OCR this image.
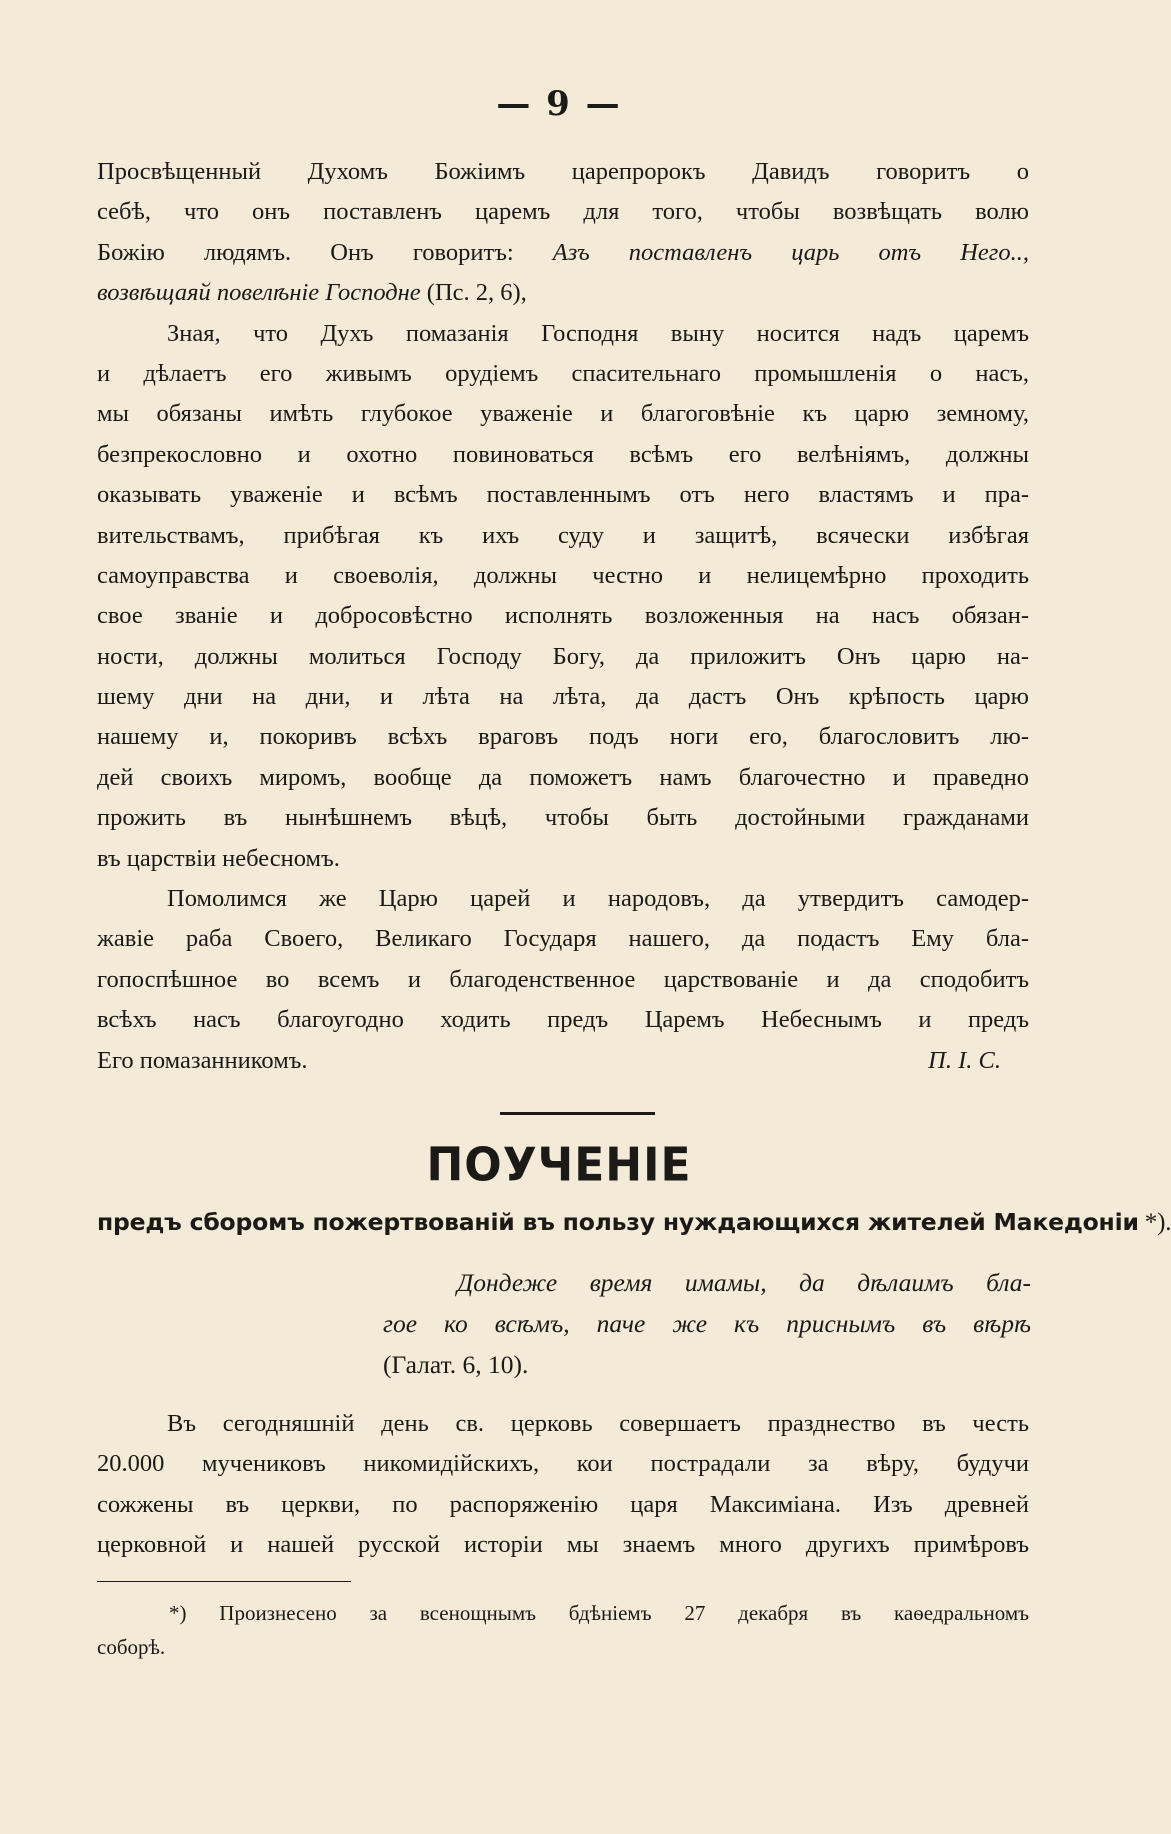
— 9 —
Просвѣщенный Духомъ Божіимъ царепророкъ Давидъ говоритъ о
себѣ, что онъ поставленъ царемъ для того, чтобы возвѣщать волю
Божію людямъ. Онъ говоритъ: Азъ поставленъ царь отъ Него..,
возвѣщаяй повелѣніе Господне (Пс. 2, 6),
Зная, что Духъ помазанія Господня выну носится надъ царемъ
и дѣлаетъ его живымъ орудіемъ спасительнаго промышленія о насъ,
мы обязаны имѣть глубокое уваженіе и благоговѣніе къ царю земному,
безпрекословно и охотно повиноваться всѣмъ его велѣніямъ, должны
оказывать уваженіе и всѣмъ поставленнымъ отъ него властямъ и пра-
вительствамъ, прибѣгая къ ихъ суду и защитѣ, всячески избѣгая
самоуправства и своеволія, должны честно и нелицемѣрно проходить
свое званіе и добросовѣстно исполнять возложенныя на насъ обязан-
ности, должны молиться Господу Богу, да приложитъ Онъ царю на-
шему дни на дни, и лѣта на лѣта, да дастъ Онъ крѣпость царю
нашему и, покоривъ всѣхъ враговъ подъ ноги его, благословитъ лю-
дей своихъ миромъ, вообще да поможетъ намъ благочестно и праведно
прожить въ нынѣшнемъ вѣцѣ, чтобы быть достойными гражданами
въ царствіи небесномъ.
Помолимся же Царю царей и народовъ, да утвердитъ самодер-
жавіе раба Своего, Великаго Государя нашего, да подастъ Ему бла-
гопоспѣшное во всемъ и благоденственное царствованіе и да сподобитъ
всѣхъ насъ благоугодно ходить предъ Царемъ Небеснымъ и предъ
Его помазанникомъ.	П. І. С.
ПОУЧЕНІЕ
предъ сборомъ пожертвованій въ пользу нуждающихся жителей Македоніи *).
Дондеже время имамы, да дѣлаимъ бла-
гое ко всѣмъ, паче же къ приснымъ въ вѣрѣ
(Галат. 6, 10).
Въ сегодняшній день св. церковь совершаетъ празднество въ честь
20.000 мучениковъ никомидійскихъ, кои пострадали за вѣру, будучи
сожжены въ церкви, по распоряженію царя Максиміана. Изъ древней
церковной и нашей русской исторіи мы знаемъ много другихъ примѣровъ
*) Произнесено за всенощнымъ бдѣніемъ 27 декабря въ каѳедральномъ
соборѣ.
